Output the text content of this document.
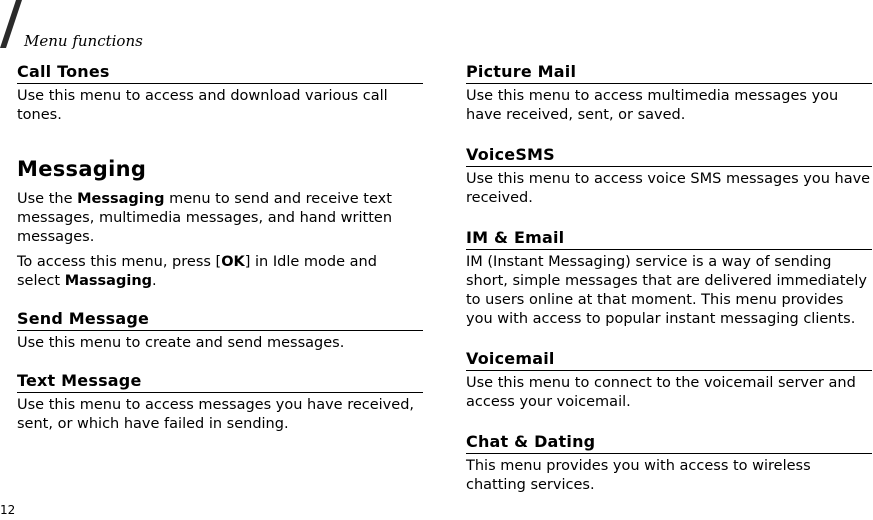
Menu functions
Call Tones

Use this menu to access and download various call tones.

Messaging

Use the Messaging menu to send and receive text messages, multimedia messages, and hand written messages.

To access this menu, press [OK] in Idle mode and select Massaging.

Send Message

Use this menu to create and send messages.

Text Message

Use this menu to access messages you have received, sent, or which have failed in sending.

Picture Mail

Use this menu to access multimedia messages you have received, sent, or saved.

VoiceSMS

Use this menu to access voice SMS messages you have received.

IM & Email

IM (Instant Messaging) service is a way of sending short, simple messages that are delivered immediately to users online at that moment. This menu provides you with access to popular instant messaging clients.

Voicemail

Use this menu to connect to the voicemail server and access your voicemail.

Chat & Dating

This menu provides you with access to wireless chatting services.

12
